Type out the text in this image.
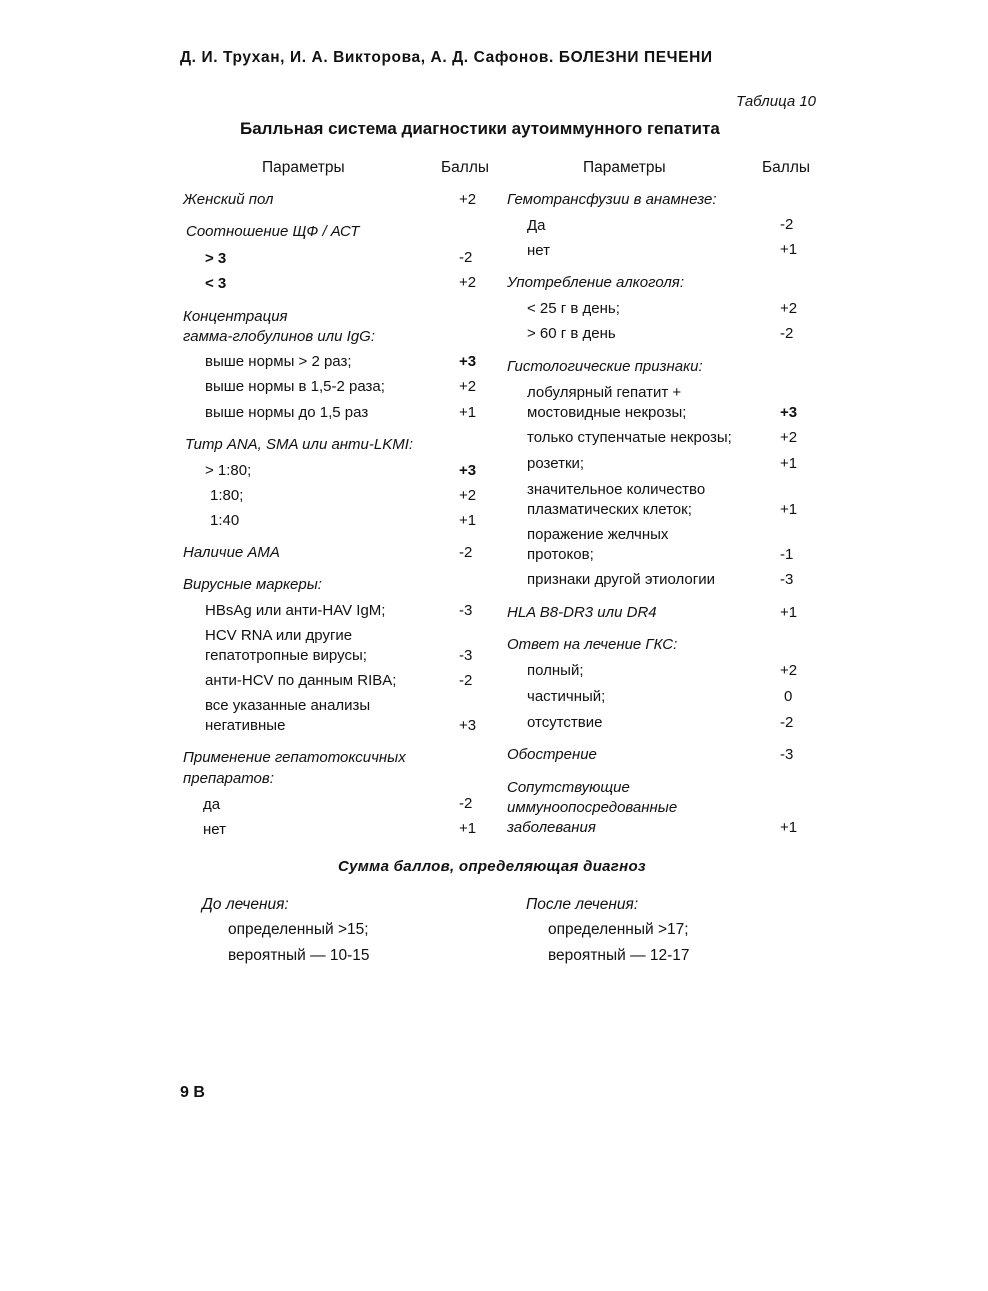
Д. И. Трухан, И. А. Викторова, А. Д. Сафонов. БОЛЕЗНИ ПЕЧЕНИ
Таблица 10
Балльная система диагностики аутоиммунного гепатита
Параметры	Баллы	Параметры	Баллы
Женский пол	+2
Соотношение ЩФ / АСТ
> 3	-2
< 3	+2
Концентрация
гамма-глобулинов или IgG:
выше нормы > 2 раз;	+3
выше нормы в 1,5-2 раза;	+2
выше нормы до 1,5 раз	+1
Титр ANA, SMA или анти-LKMI:
> 1:80;	+3
1:80;	+2
1:40	+1
Наличие АМА	-2
Вирусные маркеры:
HBsAg или анти-HAV IgM;	-3
HCV RNA или другие
гепатотропные вирусы;	-3
анти-HCV по данным RIBA;	-2
все указанные анализы
негативные	+3
Применение гепатотоксичных
препаратов:
да	-2
нет	+1
Гемотрансфузии в анамнезе:
Да	-2
нет	+1
Употребление алкоголя:
< 25 г в день;	+2
> 60 г в день	-2
Гистологические признаки:
лобулярный гепатит +
мостовидные некрозы;	+3
только ступенчатые некрозы;	+2
розетки;	+1
значительное количество
плазматических клеток;	+1
поражение желчных
протоков;	-1
признаки другой этиологии	-3
HLA B8-DR3 или DR4	+1
Ответ на лечение ГКС:
полный;	+2
частичный;	0
отсутствие	-2
Обострение	-3
Сопутствующие
иммуноопосредованные
заболевания	+1
Сумма баллов, определяющая диагноз
До лечения:
определенный >15;
вероятный — 10-15
После лечения:
определенный >17;
вероятный — 12-17
9 В
